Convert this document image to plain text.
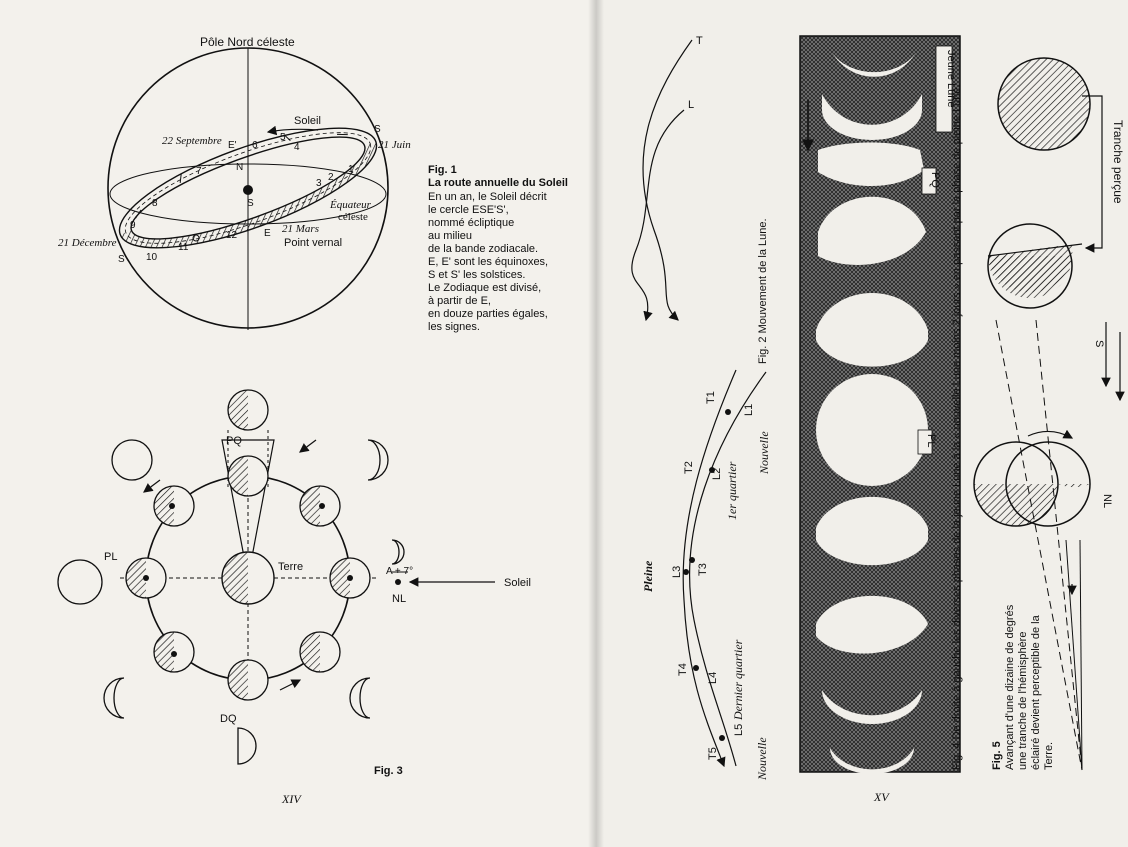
Pôle Nord céleste
Soleil
22 Septembre	21 Juin
21 Décembre
21 Mars
Équateur
céleste
Point vernal
E
E'
S
S'
N
S
1
2
3
4
5
6
7
8
9
10
11
12
PQ
PL
Terre
Soleil
NL
A + 7°
DQ
Fig. 3
Fig. 1
La route annuelle du Soleil
En un an, le Soleil décrit
le cercle ESE'S',
nommé écliptique
au milieu
de la bande zodiacale.
E, E' sont les équinoxes,
S et S' les solstices.
Le Zodiaque est divisé,
à partir de E,
en douze parties égales,
les signes.
XIV
T
L
T1
L1
T2 L2
L3 T3
T4
L4
T5
L5
Nouvelle
1er quartier
Pleine
Dernier quartier
Nouvelle
Fig. 2 Mouvement de la Lune.
Jeune Lune
PQ
PL Fig. 4 De droite à gauche les diverses phases de la jeune Lune à la « nouvelle Lune moins 2 jours » en passant par la phase de pleine Lune.	Tranche perçue
S
NL
Fig. 5 Avançant d'une dizaine de degrés une tranche de l'hémisphère éclairé devient perceptible de la Terre.
XV
